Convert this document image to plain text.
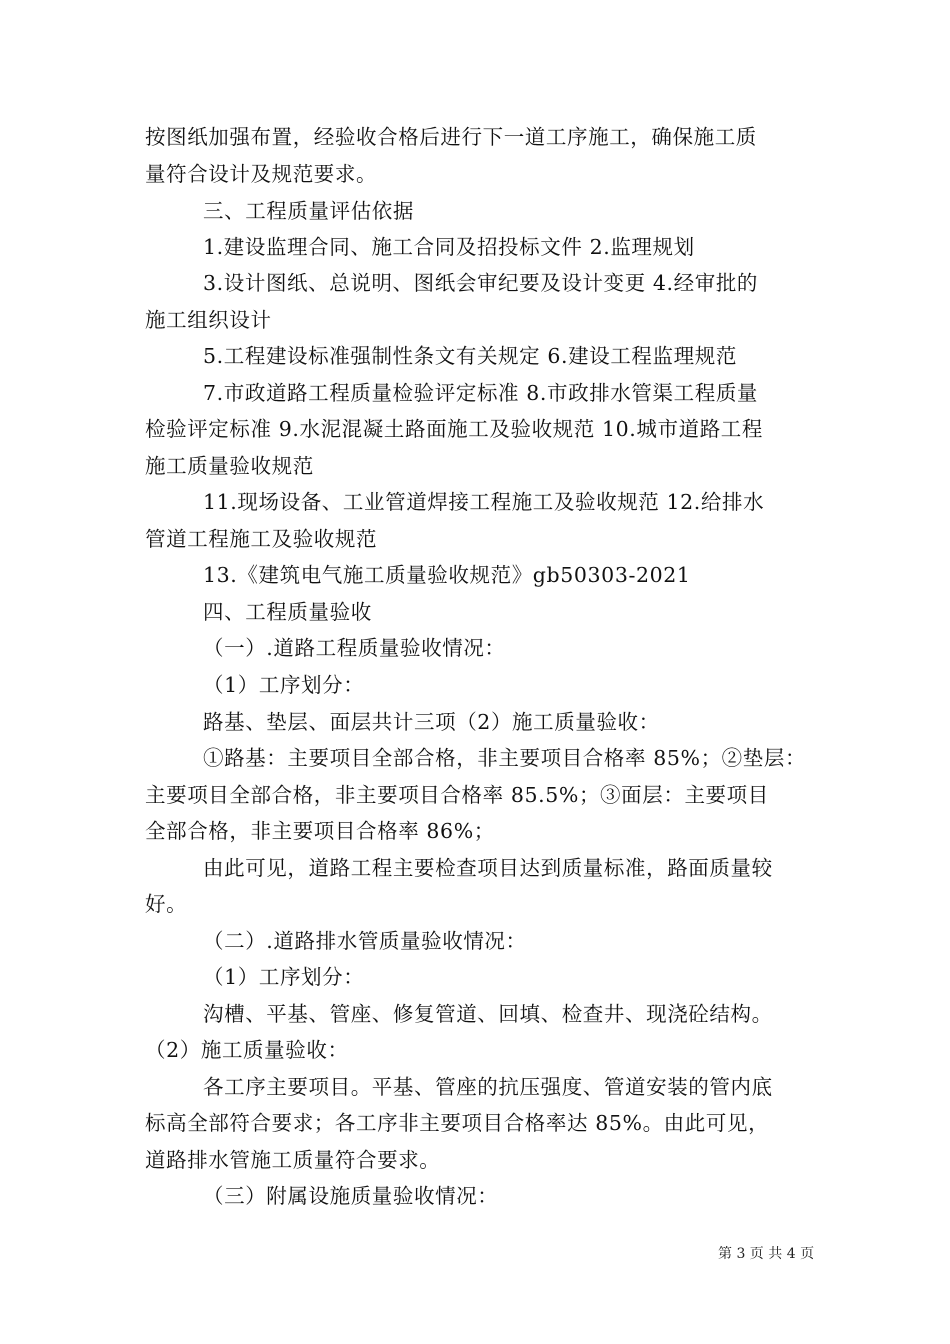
按图纸加强布置，经验收合格后进行下一道工序施工，确保施工质
量符合设计及规范要求。
三、工程质量评估依据
1.建设监理合同、施工合同及招投标文件 2.监理规划
3.设计图纸、总说明、图纸会审纪要及设计变更 4.经审批的
施工组织设计
5.工程建设标准强制性条文有关规定 6.建设工程监理规范
7.市政道路工程质量检验评定标准 8.市政排水管渠工程质量
检验评定标准 9.水泥混凝土路面施工及验收规范 10.城市道路工程
施工质量验收规范
11.现场设备、工业管道焊接工程施工及验收规范 12.给排水
管道工程施工及验收规范
13.《建筑电气施工质量验收规范》gb50303-2021
四、工程质量验收
（一）.道路工程质量验收情况：
（1）工序划分：
路基、垫层、面层共计三项（2）施工质量验收：
①路基：主要项目全部合格，非主要项目合格率 85%；②垫层：
主要项目全部合格，非主要项目合格率 85.5%；③面层：主要项目
全部合格，非主要项目合格率 86%；
由此可见，道路工程主要检查项目达到质量标准，路面质量较
好。
（二）.道路排水管质量验收情况：
（1）工序划分：
沟槽、平基、管座、修复管道、回填、检查井、现浇砼结构。
（2）施工质量验收：
各工序主要项目。平基、管座的抗压强度、管道安装的管内底
标高全部符合要求；各工序非主要项目合格率达 85%。由此可见，
道路排水管施工质量符合要求。
（三）附属设施质量验收情况：
第 3 页 共 4 页
